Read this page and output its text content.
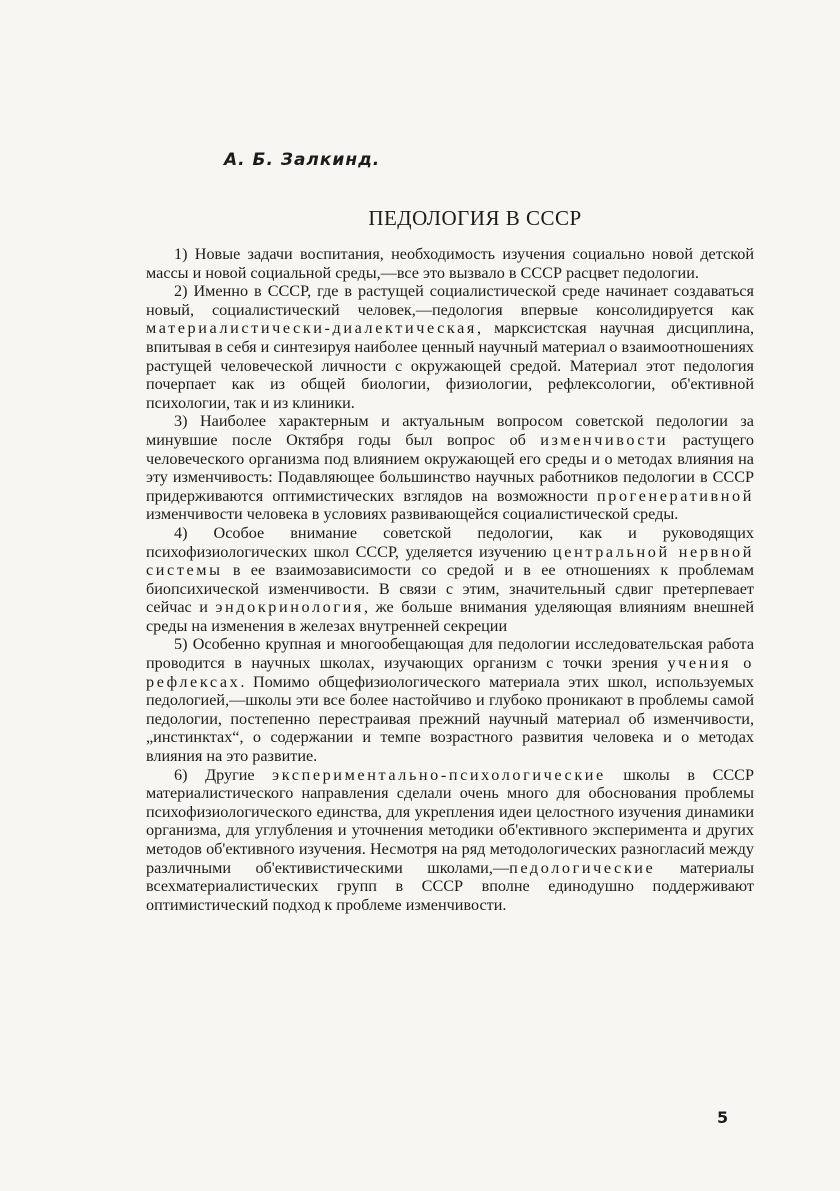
А. Б. Залкинд.
ПЕДОЛОГИЯ В СССР

1) Новые задачи воспитания, необходимость изучения социально новой детской массы и новой социальной среды,—все это вызвало в СССР расцвет педологии.

2) Именно в СССР, где в растущей социалистической среде начинает создаваться новый, социалистический человек,—педология впервые консолидируется как материалистически-диалектическая, марксистская научная дисциплина, впитывая в себя и синтезируя наиболее ценный научный материал о взаимоотношениях растущей человеческой личности с окружающей средой. Материал этот педология почерпает как из общей биологии, физиологии, рефлексологии, об'ективной психологии, так и из клиники.

3) Наиболее характерным и актуальным вопросом советской педологии за минувшие после Октября годы был вопрос об изменчивости растущего человеческого организма под влиянием окружающей его среды и о методах влияния на эту изменчивость: Подавляющее большинство научных работников педологии в СССР придерживаются оптимистических взглядов на возможности прогенеративной изменчивости человека в условиях развивающейся социалистической среды.

4) Особое внимание советской педологии, как и руководящих психофизиологических школ СССР, уделяется изучению центральной нервной системы в ее взаимозависимости со средой и в ее отношениях к проблемам биопсихической изменчивости. В связи с этим, значительный сдвиг претерпевает сейчас и эндокринология, же больше внимания уделяющая влияниям внешней среды на изменения в железах внутренней секреции

5) Особенно крупная и многообещающая для педологии исследовательская работа проводится в научных школах, изучающих организм с точки зрения учения о рефлексах. Помимо общефизиологического материала этих школ, используемых педологией,—школы эти все более настойчиво и глубоко проникают в проблемы самой педологии, постепенно перестраивая прежний научный материал об изменчивости, „инстинктах“, о содержании и темпе возрастного развития человека и о методах влияния на это развитие.

6) Другие экспериментально-психологические школы в СССР материалистического направления сделали очень много для обоснования проблемы психофизиологического единства, для укрепления идеи целостного изучения динамики организма, для углубления и уточнения методики об'ективного эксперимента и других методов об'ективного изучения. Несмотря на ряд методологических разногласий между различными об'ективистическими школами,—педологические материалы всехматериалистических групп в СССР вполне единодушно поддерживают оптимистический подход к проблеме изменчивости.

5
